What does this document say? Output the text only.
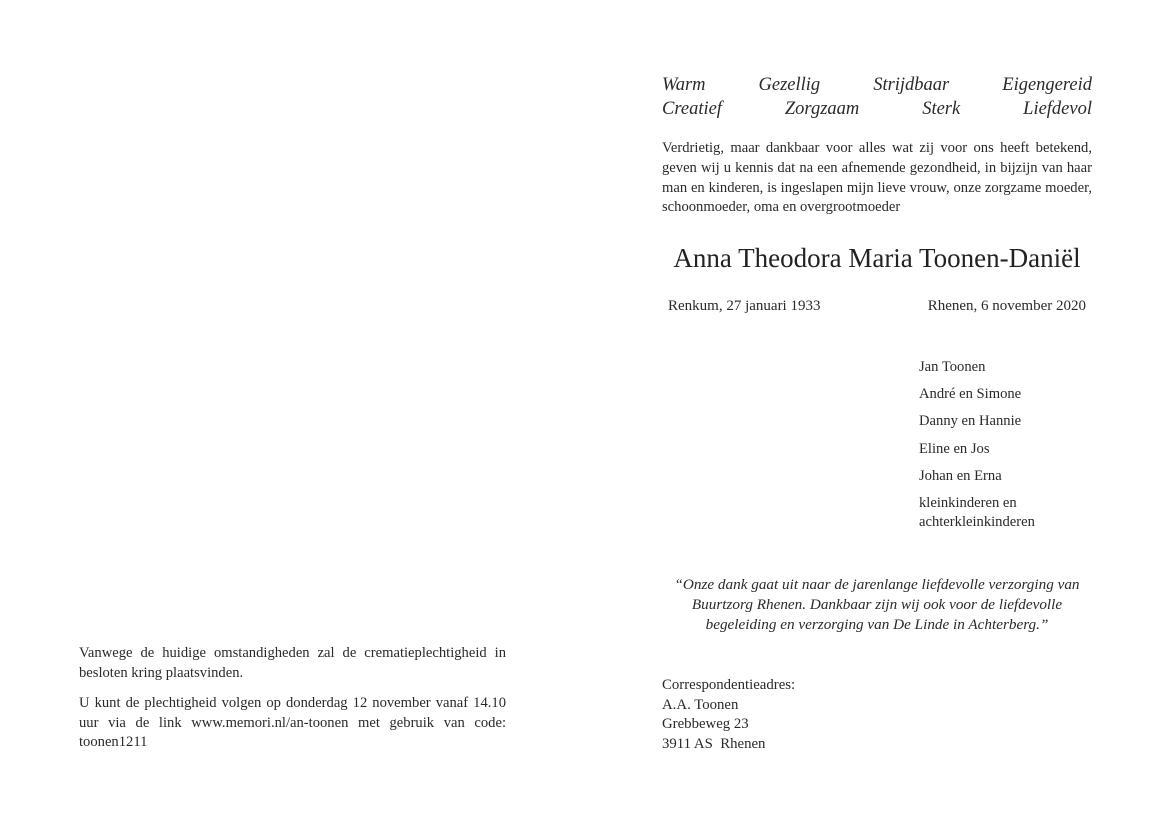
Warm	Gezellig	Strijdbaar	Eigengereid
Creatief	Zorgzaam	Sterk	Liefdevol
Verdrietig, maar dankbaar voor alles wat zij voor ons heeft betekend, geven wij u kennis dat na een afnemende gezondheid, in bijzijn van haar man en kinderen, is ingeslapen mijn lieve vrouw, onze zorgzame moeder, schoonmoeder, oma en overgrootmoeder
Anna Theodora Maria Toonen-Daniël
Renkum, 27 januari 1933	Rhenen, 6 november 2020
Jan Toonen
André en Simone
Danny en Hannie
Eline en Jos
Johan en Erna
kleinkinderen en achterkleinkinderen
“Onze dank gaat uit naar de jarenlange liefdevolle verzorging van Buurtzorg Rhenen. Dankbaar zijn wij ook voor de liefdevolle begeleiding en verzorging van De Linde in Achterberg.”
Correspondentieadres:
A.A. Toonen
Grebbeweg 23
3911 AS  Rhenen
Vanwege de huidige omstandigheden zal de crematieplechtigheid in besloten kring plaatsvinden.
U kunt de plechtigheid volgen op donderdag 12 november vanaf 14.10 uur via de link www.memori.nl/an-toonen met gebruik van code: toonen1211
